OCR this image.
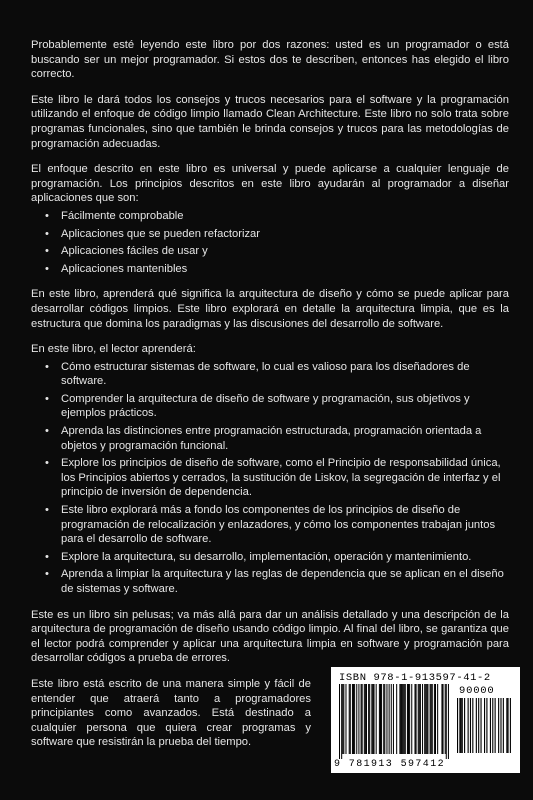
Probablemente esté leyendo este libro por dos razones: usted es un programador o está buscando ser un mejor programador. Si estos dos te describen, entonces has elegido el libro correcto.

Este libro le dará todos los consejos y trucos necesarios para el software y la programación utilizando el enfoque de código limpio llamado Clean Architecture. Este libro no solo trata sobre programas funcionales, sino que también le brinda consejos y trucos para las metodologías de programación adecuadas.

El enfoque descrito en este libro es universal y puede aplicarse a cualquier lenguaje de programación. Los principios descritos en este libro ayudarán al programador a diseñar aplicaciones que son:

• Fácilmente comprobable
• Aplicaciones que se pueden refactorizar
• Aplicaciones fáciles de usar y
• Aplicaciones mantenibles

En este libro, aprenderá qué significa la arquitectura de diseño y cómo se puede aplicar para desarrollar códigos limpios. Este libro explorará en detalle la arquitectura limpia, que es la estructura que domina los paradigmas y las discusiones del desarrollo de software.

En este libro, el lector aprenderá:

• Cómo estructurar sistemas de software, lo cual es valioso para los diseñadores de software.
• Comprender la arquitectura de diseño de software y programación, sus objetivos y ejemplos prácticos.
• Aprenda las distinciones entre programación estructurada, programación orientada a objetos y programación funcional.
• Explore los principios de diseño de software, como el Principio de responsabilidad única, los Principios abiertos y cerrados, la sustitución de Liskov, la segregación de interfaz y el principio de inversión de dependencia.
• Este libro explorará más a fondo los componentes de los principios de diseño de programación de relocalización y enlazadores, y cómo los componentes trabajan juntos para el desarrollo de software.
• Explore la arquitectura, su desarrollo, implementación, operación y mantenimiento.
• Aprenda a limpiar la arquitectura y las reglas de dependencia que se aplican en el diseño de sistemas y software.

Este es un libro sin pelusas; va más allá para dar un análisis detallado y una descripción de la arquitectura de programación de diseño usando código limpio. Al final del libro, se garantiza que el lector podrá comprender y aplicar una arquitectura limpia en software y programación para desarrollar códigos a prueba de errores.

Este libro está escrito de una manera simple y fácil de entender que atraerá tanto a programadores principiantes como avanzados. Está destinado a cualquier persona que quiera crear programas y software que resistirán la prueba del tiempo.

ISBN 978-1-913597-41-2
90000
9 781913 597412
